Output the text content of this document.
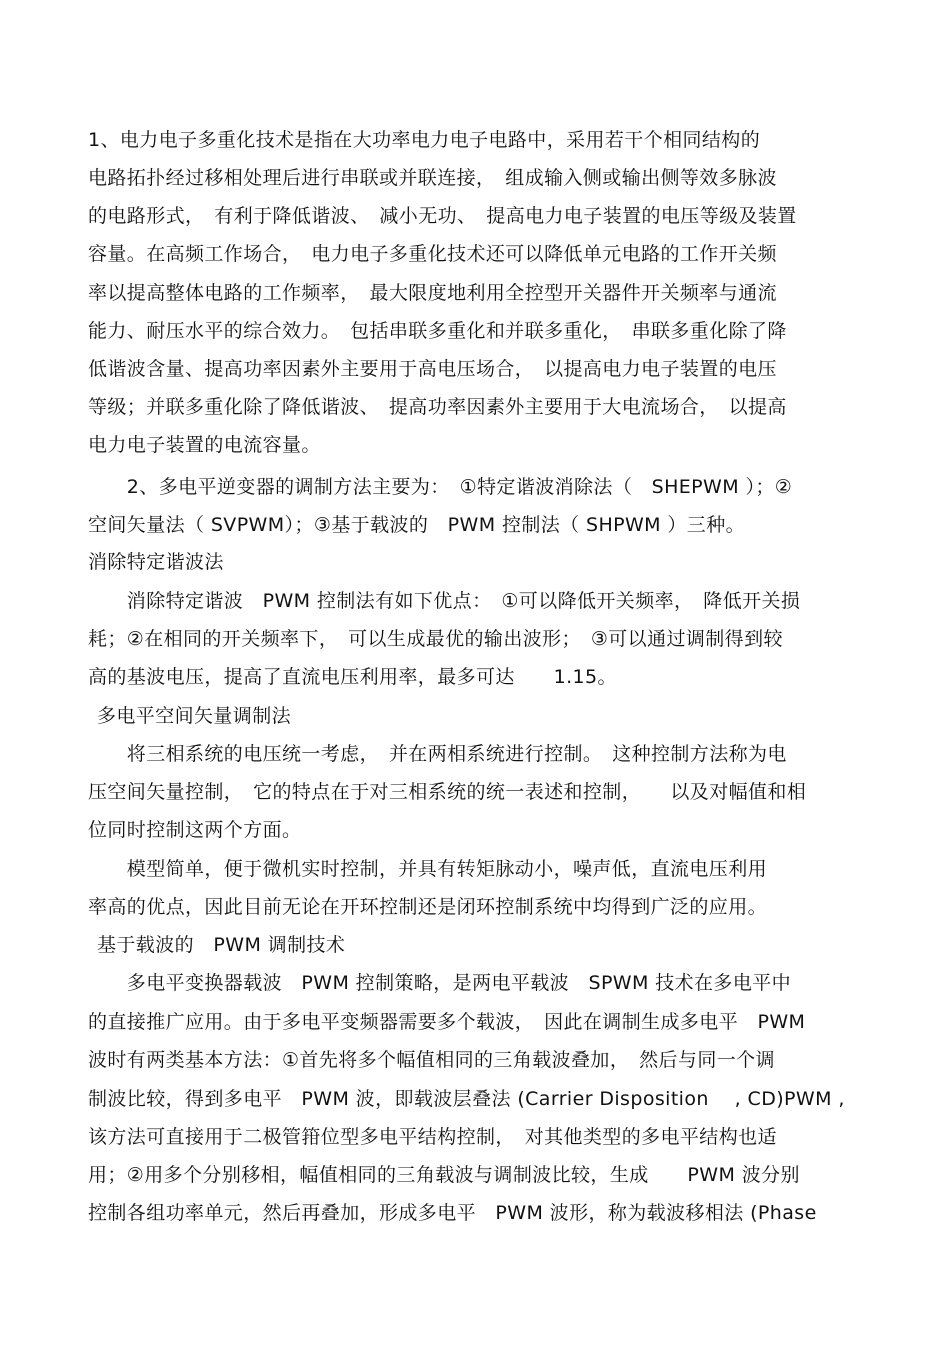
1、电力电子多重化技术是指在大功率电力电子电路中，采用若干个相同结构的
电路拓扑经过移相处理后进行串联或并联连接，　组成输入侧或输出侧等效多脉波
的电路形式，　有利于降低谐波、　减小无功、　提高电力电子装置的电压等级及装置
容量。在高频工作场合，　电力电子多重化技术还可以降低单元电路的工作开关频
率以提高整体电路的工作频率，　最大限度地利用全控型开关器件开关频率与通流
能力、耐压水平的综合效力。　包括串联多重化和并联多重化，　串联多重化除了降
低谐波含量、提高功率因素外主要用于高电压场合，　以提高电力电子装置的电压
等级；并联多重化除了降低谐波、　提高功率因素外主要用于大电流场合，　以提高
电力电子装置的电流容量。
　　2、多电平逆变器的调制方法主要为：　①特定谐波消除法（　SHEPWM ）；②
空间矢量法（ SVPWM）；③基于载波的　PWM 控制法（ SHPWM ）三种。
消除特定谐波法
　　消除特定谐波　PWM 控制法有如下优点：　①可以降低开关频率，　降低开关损
耗；②在相同的开关频率下，　可以生成最优的输出波形；　③可以通过调制得到较
高的基波电压，提高了直流电压利用率，最多可达　　1.15。
多电平空间矢量调制法
　　将三相系统的电压统一考虑，　并在两相系统进行控制。　这种控制方法称为电
压空间矢量控制，　它的特点在于对三相系统的统一表述和控制，　　以及对幅值和相
位同时控制这两个方面。
　　模型简单，便于微机实时控制，并具有转矩脉动小，噪声低，直流电压利用
率高的优点，因此目前无论在开环控制还是闭环控制系统中均得到广泛的应用。
基于载波的　PWM 调制技术
　　多电平变换器载波　PWM 控制策略，是两电平载波　SPWM 技术在多电平中
的直接推广应用。由于多电平变频器需要多个载波，　因此在调制生成多电平　PWM
波时有两类基本方法：①首先将多个幅值相同的三角载波叠加，　然后与同一个调
制波比较，得到多电平　PWM 波，即载波层叠法 (Carrier Disposition　 , CD)PWM ,
该方法可直接用于二极管箝位型多电平结构控制，　对其他类型的多电平结构也适
用；②用多个分别移相，幅值相同的三角载波与调制波比较，生成　　PWM 波分别
控制各组功率单元，然后再叠加，形成多电平　PWM 波形，称为载波移相法 (Phase
